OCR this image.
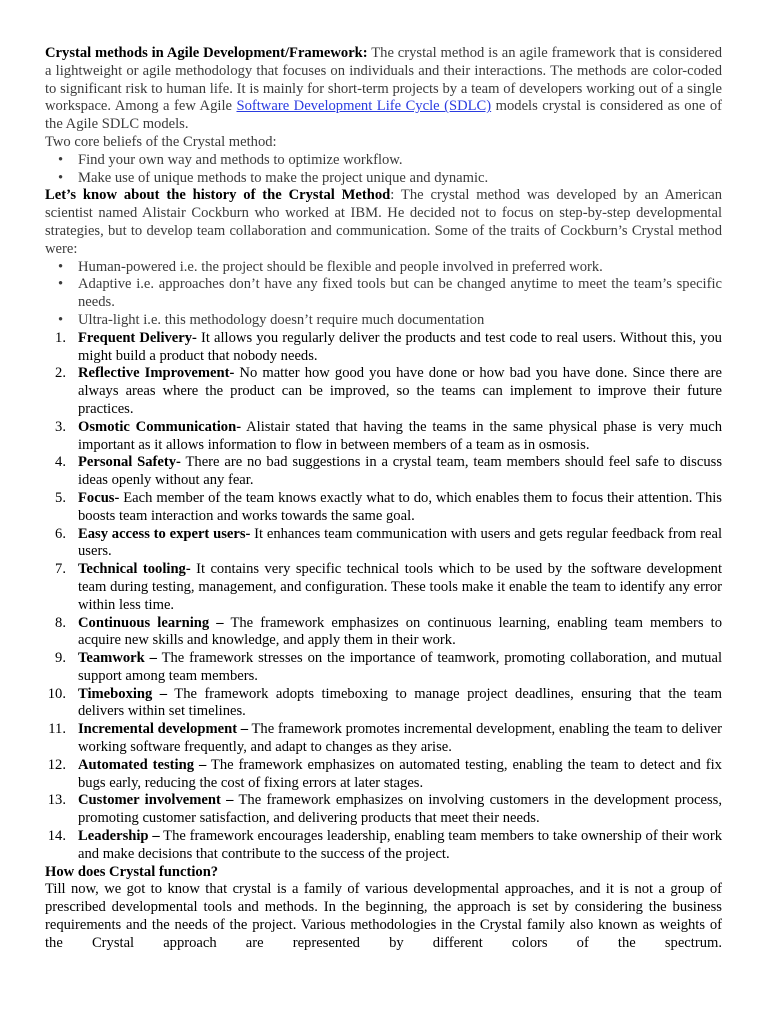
Crystal methods in Agile Development/Framework: The crystal method is an agile framework that is considered a lightweight or agile methodology that focuses on individuals and their interactions. The methods are color-coded to significant risk to human life. It is mainly for short-term projects by a team of developers working out of a single workspace. Among a few Agile Software Development Life Cycle (SDLC) models crystal is considered as one of the Agile SDLC models.

Two core beliefs of the Crystal method:

• Find your own way and methods to optimize workflow.
• Make use of unique methods to make the project unique and dynamic.

Let’s know about the history of the Crystal Method: The crystal method was developed by an American scientist named Alistair Cockburn who worked at IBM. He decided not to focus on step-by-step developmental strategies, but to develop team collaboration and communication. Some of the traits of Cockburn’s Crystal method were:

• Human-powered i.e. the project should be flexible and people involved in preferred work.
• Adaptive i.e. approaches don’t have any fixed tools but can be changed anytime to meet the team’s specific needs.
• Ultra-light i.e. this methodology doesn’t require much documentation
1. Frequent Delivery- It allows you regularly deliver the products and test code to real users. Without this, you might build a product that nobody needs.
2. Reflective Improvement- No matter how good you have done or how bad you have done. Since there are always areas where the product can be improved, so the teams can implement to improve their future practices.
3. Osmotic Communication- Alistair stated that having the teams in the same physical phase is very much important as it allows information to flow in between members of a team as in osmosis.
4. Personal Safety- There are no bad suggestions in a crystal team, team members should feel safe to discuss ideas openly without any fear.
5. Focus- Each member of the team knows exactly what to do, which enables them to focus their attention. This boosts team interaction and works towards the same goal.
6. Easy access to expert users- It enhances team communication with users and gets regular feedback from real users.
7. Technical tooling- It contains very specific technical tools which to be used by the software development team during testing, management, and configuration. These tools make it enable the team to identify any error within less time.
8. Continuous learning – The framework emphasizes on continuous learning, enabling team members to acquire new skills and knowledge, and apply them in their work.
9. Teamwork – The framework stresses on the importance of teamwork, promoting collaboration, and mutual support among team members.
10. Timeboxing – The framework adopts timeboxing to manage project deadlines, ensuring that the team delivers within set timelines.
11. Incremental development – The framework promotes incremental development, enabling the team to deliver working software frequently, and adapt to changes as they arise.
12. Automated testing – The framework emphasizes on automated testing, enabling the team to detect and fix bugs early, reducing the cost of fixing errors at later stages.
13. Customer involvement – The framework emphasizes on involving customers in the development process, promoting customer satisfaction, and delivering products that meet their needs.
14. Leadership – The framework encourages leadership, enabling team members to take ownership of their work and make decisions that contribute to the success of the project.

How does Crystal function?

Till now, we got to know that crystal is a family of various developmental approaches, and it is not a group of prescribed developmental tools and methods. In the beginning, the approach is set by considering the business requirements and the needs of the project. Various methodologies in the Crystal family also known as weights of the Crystal approach are represented by different colors of the spectrum.
